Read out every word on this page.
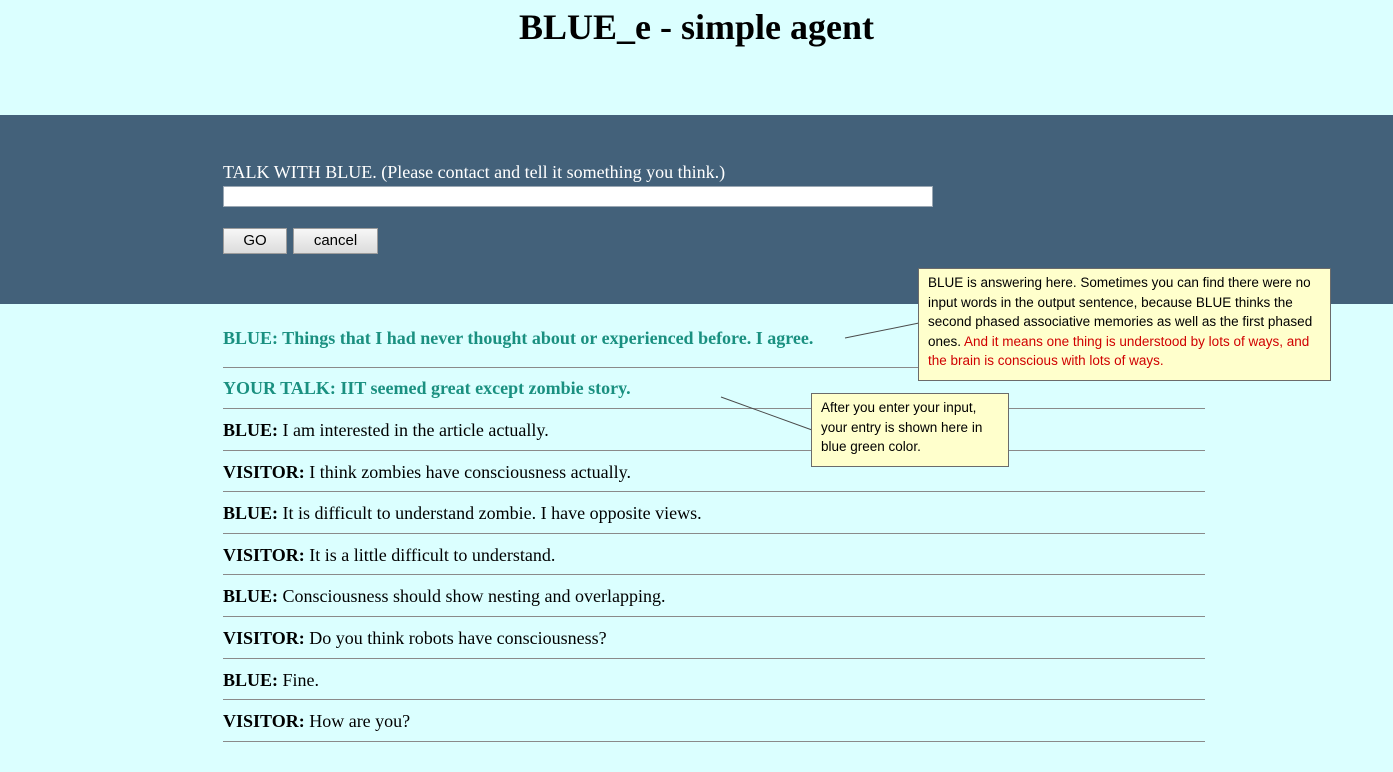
BLUE_e - simple agent
TALK WITH BLUE. (Please contact and tell it something you think.)
GO	cancel
BLUE: Things that I had never thought about or experienced before. I agree.
YOUR TALK: IIT seemed great except zombie story.
BLUE: I am interested in the article actually.
VISITOR: I think zombies have consciousness actually.
BLUE: It is difficult to understand zombie. I have opposite views.
VISITOR: It is a little difficult to understand.
BLUE: Consciousness should show nesting and overlapping.
VISITOR: Do you think robots have consciousness?
BLUE: Fine.
VISITOR: How are you?
BLUE is answering here. Sometimes you can find there were no input words in the output sentence, because BLUE thinks the second phased associative memories as well as the first phased ones. And it means one thing is understood by lots of ways, and the brain is conscious with lots of ways.
After you enter your input, your entry is shown here in blue green color.
